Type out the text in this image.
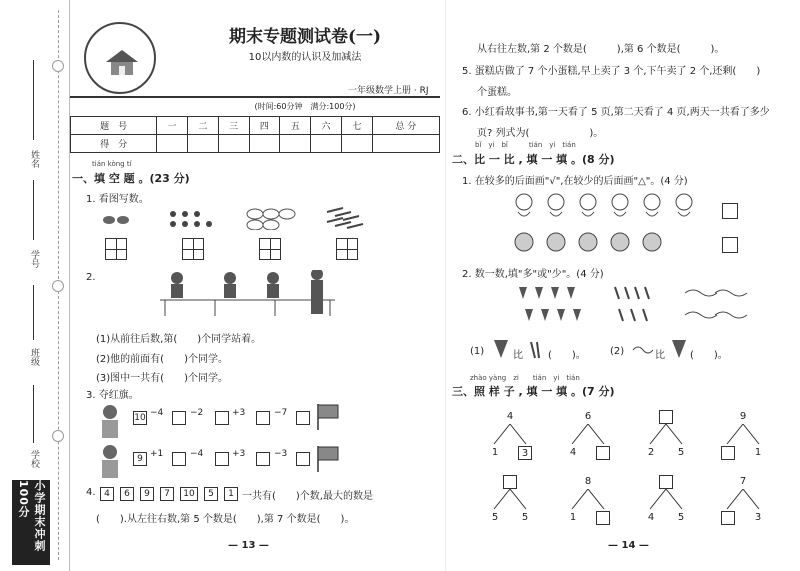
姓名
学号
班级
学校
小学期末冲刺100分
期末专题测试卷(一)
10以内数的认识及加减法
一年级数学上册 · RJ
(时间:60分钟　满分:100分)
题　号	一	二	三	四	五	六	七	总 分
得　分								
tián kòng tí
一、填 空 题 。(23 分)
1. 看图写数。
2.
(1)从前往后数,第(　　)个同学站着。
(2)他的前面有(　　)个同学。
(3)图中一共有(　　)个同学。
3. 夺红旗。
10 −4	−2	+3	−7
9 +1	−4	+3	−3
4. 4	6	9	7	10	5	1 一共有(　　)个数,最大的数是
(　　).从左往右数,第 5 个数是(　　),第 7 个数是(　　)。
— 13 —
从右往左数,第 2 个数是(　　　),第 6 个数是(　　　)。
5. 蛋糕店做了 7 个小蛋糕,早上卖了 3 个,下午卖了 2 个,还剩(　　)
个蛋糕。
6. 小红看故事书,第一天看了 5 页,第二天看了 4 页,两天一共看了多少
页? 列式为(　　　　　　)。
bǐ　yi　bǐ　　　tián　yi　tián
二、比 一 比 , 填 一 填 。(8 分)
1. 在较多的后面画"√",在较少的后面画"△"。(4 分)
2. 数一数,填"多"或"少"。(4 分)
(1)	比	(　　)。 (2)	比	(　　)。
zhào yàng　zi　　tián　yi　tián
三、照 样 子 , 填 一 填 。(7 分)
4
1	3
6
4	2	5
9
1
5	5
8
1	4	5
7
3
— 14 —
